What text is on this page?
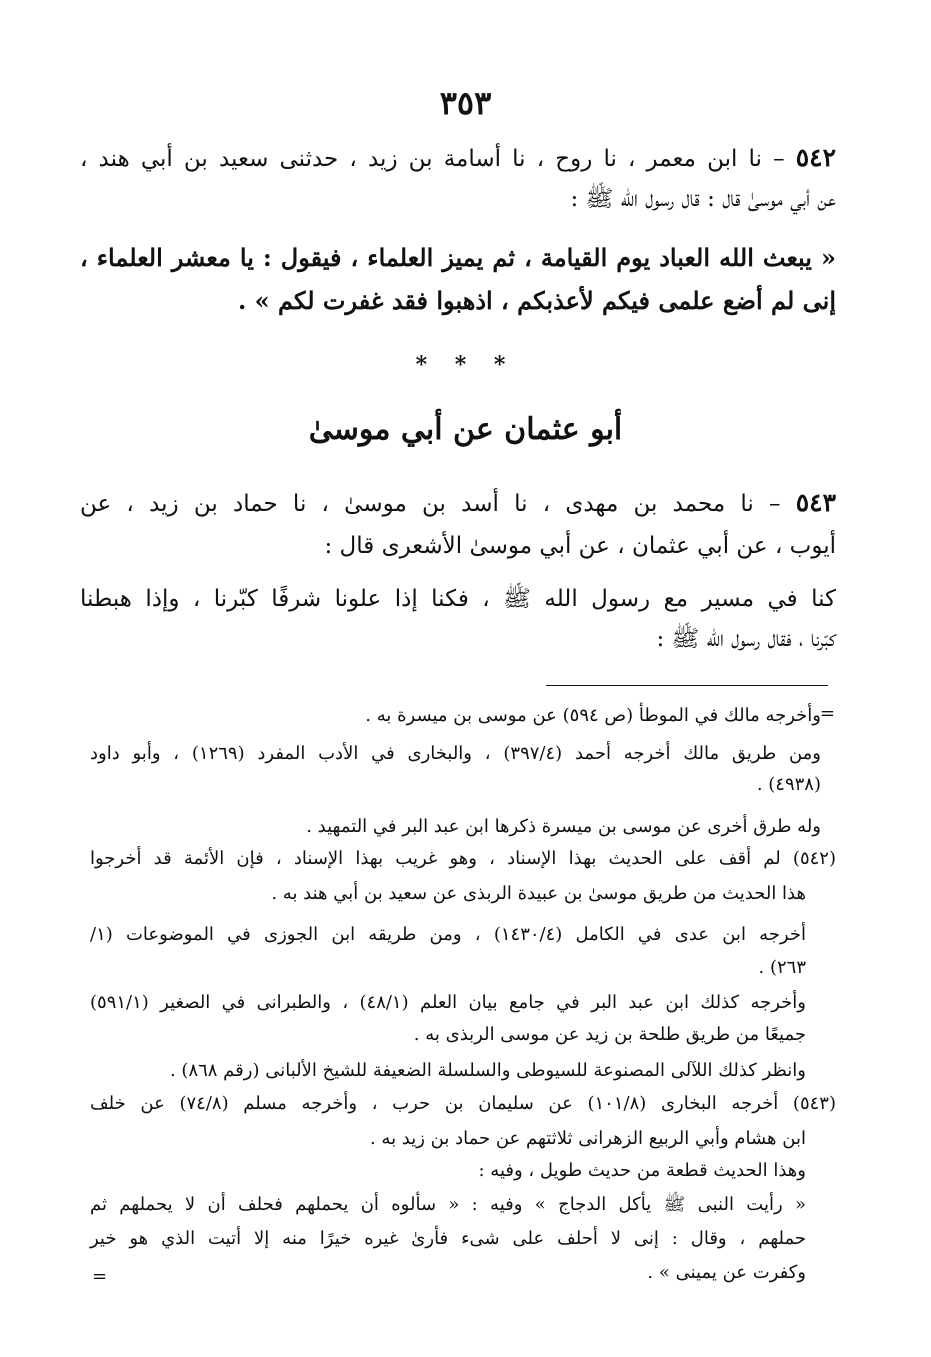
٣٥٣

٥٤٢ – نا ابن معمر ، نا روح ، نا أسامة بن زيد ، حدثنى سعيد بن أبي هند ،

عن أبي موسىٰ قال : قال رسول الله ﷺ :

« يبعث الله العباد يوم القيامة ، ثم يميز العلماء ، فيقول : يا معشر العلماء ،

إنى لم أضع علمى فيكم لأعذبكم ، اذهبوا فقد غفرت لكم » .

* * *
أبو عثمان عن أبي موسىٰ

٥٤٣ – نا محمد بن مهدى ، نا أسد بن موسىٰ ، نا حماد بن زيد ، عن

أيوب ، عن أبي عثمان ، عن أبي موسىٰ الأشعرى قال :

كنا في مسير مع رسول الله ﷺ ، فكنا إذا علونا شرفًا كبّرنا ، وإذا هبطنا

كبّرنا ، فقال رسول الله ﷺ :

=

وأخرجه مالك في الموطأ (ص ٥٩٤) عن موسى بن ميسرة به .

ومن طريق مالك أخرجه أحمد (٣٩٧/٤) ، والبخارى في الأدب المفرد (١٢٦٩) ، وأبو داود

(٤٩٣٨) .

وله طرق أخرى عن موسى بن ميسرة ذكرها ابن عبد البر في التمهيد .

(٥٤٢) لم أقف على الحديث بهذا الإسناد ، وهو غريب بهذا الإسناد ، فإن الأئمة قد أخرجوا

هذا الحديث من طريق موسىٰ بن عبيدة الربذى عن سعيد بن أبي هند به .

أخرجه ابن عدى في الكامل (١٤٣٠/٤) ، ومن طريقه ابن الجوزى في الموضوعات (١/

٢٦٣) .

وأخرجه كذلك ابن عبد البر في جامع بيان العلم (٤٨/١) ، والطبرانى في الصغير (٥٩١/١)

جميعًا من طريق طلحة بن زيد عن موسى الربذى به .

وانظر كذلك اللآلى المصنوعة للسيوطى والسلسلة الضعيفة للشيخ الألبانى (رقم ٨٦٨) .

(٥٤٣) أخرجه البخارى (١٠١/٨) عن سليمان بن حرب ، وأخرجه مسلم (٧٤/٨) عن خلف

ابن هشام وأبي الربيع الزهرانى ثلاثتهم عن حماد بن زيد به .

وهذا الحديث قطعة من حديث طويل ، وفيه :

« رأيت النبى ﷺ يأكل الدجاج » وفيه : « سألوه أن يحملهم فحلف أن لا يحملهم ثم

حملهم ، وقال : إنى لا أحلف على شىء فأرىٰ غيره خيرًا منه إلا أتيت الذي هو خير

وكفرت عن يمينى » .

=
